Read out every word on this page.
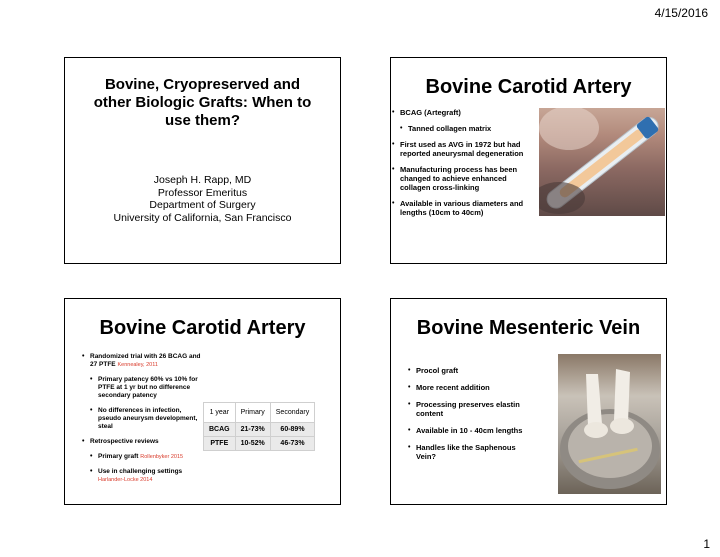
4/15/2016
Bovine, Cryopreserved and
other Biologic Grafts: When to
use them?
Joseph H. Rapp, MD
Professor Emeritus
Department of Surgery
University of California, San Francisco
Bovine Carotid Artery
• BCAG (Artegraft)
• Tanned collagen matrix
• First used as AVG in 1972 but had reported aneurysmal degeneration
• Manufacturing process has been changed to achieve enhanced collagen cross-linking
• Available in various diameters and lengths (10cm to 40cm)
Bovine Carotid Artery
• Randomized trial with 26 BCAG and 27 PTFE Kennealey, 2011
• Primary patency 60% vs 10% for PTFE at 1 yr but no difference secondary patency
• No differences in infection, pseudo aneurysm development, steal
• Retrospective reviews
• Primary graft Rollenbyker 2015
• Use in challenging settings
Harlander-Locke 2014
1 year	Primary	Secondary
BCAG	21-73%	60-89%
PTFE	10-52%	46-73%
Bovine Mesenteric Vein
• Procol graft
• More recent addition
• Processing preserves elastin content
• Available in 10 - 40cm lengths
• Handles like the Saphenous Vein?
1
